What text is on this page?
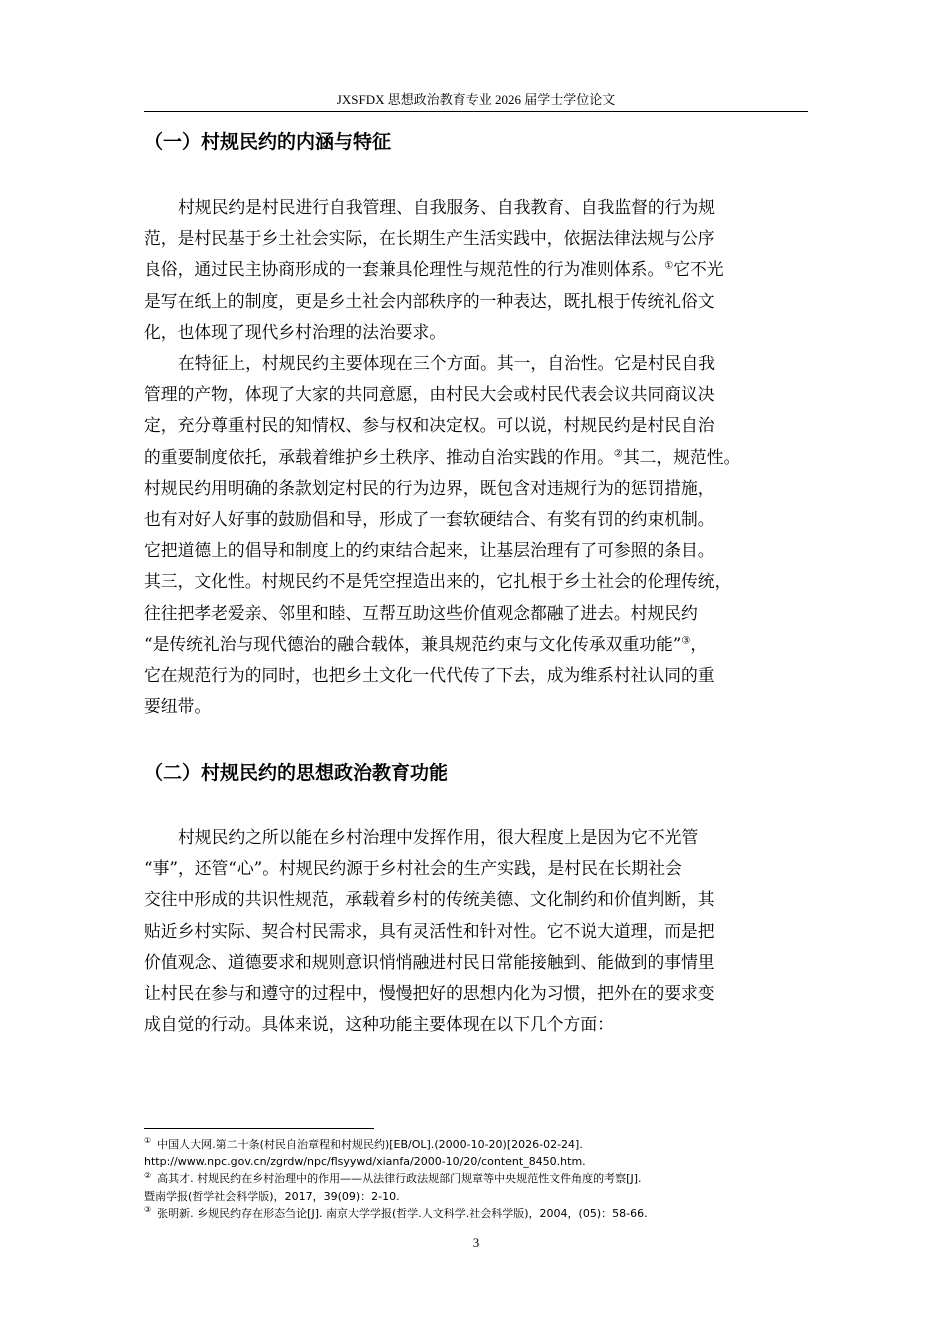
JXSFDX 思想政治教育专业 2026 届学士学位论文
（一）村规民约的内涵与特征
村规民约是村民进行自我管理、自我服务、自我教育、自我监督的行为规
范，是村民基于乡土社会实际，在长期生产生活实践中，依据法律法规与公序
良俗，通过民主协商形成的一套兼具伦理性与规范性的行为准则体系。①它不光
是写在纸上的制度，更是乡土社会内部秩序的一种表达，既扎根于传统礼俗文
化，也体现了现代乡村治理的法治要求。
在特征上，村规民约主要体现在三个方面。其一，自治性。它是村民自我
管理的产物，体现了大家的共同意愿，由村民大会或村民代表会议共同商议决
定，充分尊重村民的知情权、参与权和决定权。可以说，村规民约是村民自治
的重要制度依托，承载着维护乡土秩序、推动自治实践的作用。②其二，规范性。
村规民约用明确的条款划定村民的行为边界，既包含对违规行为的惩罚措施，
也有对好人好事的鼓励倡和导，形成了一套软硬结合、有奖有罚的约束机制。
它把道德上的倡导和制度上的约束结合起来，让基层治理有了可参照的条目。
其三，文化性。村规民约不是凭空捏造出来的，它扎根于乡土社会的伦理传统，
往往把孝老爱亲、邻里和睦、互帮互助这些价值观念都融了进去。村规民约
“是传统礼治与现代德治的融合载体，兼具规范约束与文化传承双重功能”③，
它在规范行为的同时，也把乡土文化一代代传了下去，成为维系村社认同的重
要纽带。
（二）村规民约的思想政治教育功能
村规民约之所以能在乡村治理中发挥作用，很大程度上是因为它不光管
“事”，还管“心”。村规民约源于乡村社会的生产实践，是村民在长期社会
交往中形成的共识性规范，承载着乡村的传统美德、文化制约和价值判断，其
贴近乡村实际、契合村民需求，具有灵活性和针对性。它不说大道理，而是把
价值观念、道德要求和规则意识悄悄融进村民日常能接触到、能做到的事情里
让村民在参与和遵守的过程中，慢慢把好的思想内化为习惯，把外在的要求变
成自觉的行动。具体来说，这种功能主要体现在以下几个方面：
① 中国人大网.第二十条(村民自治章程和村规民约)[EB/OL].(2000-10-20)[2026-02-24].
http://www.npc.gov.cn/zgrdw/npc/flsyywd/xianfa/2000-10/20/content_8450.htm.
② 高其才. 村规民约在乡村治理中的作用——从法律行政法规部门规章等中央规范性文件角度的考察[J].
暨南学报(哲学社会科学版)，2017，39(09)：2-10.
③ 张明新. 乡规民约存在形态刍论[J]. 南京大学学报(哲学.人文科学.社会科学版)，2004，(05)：58-66.
3
